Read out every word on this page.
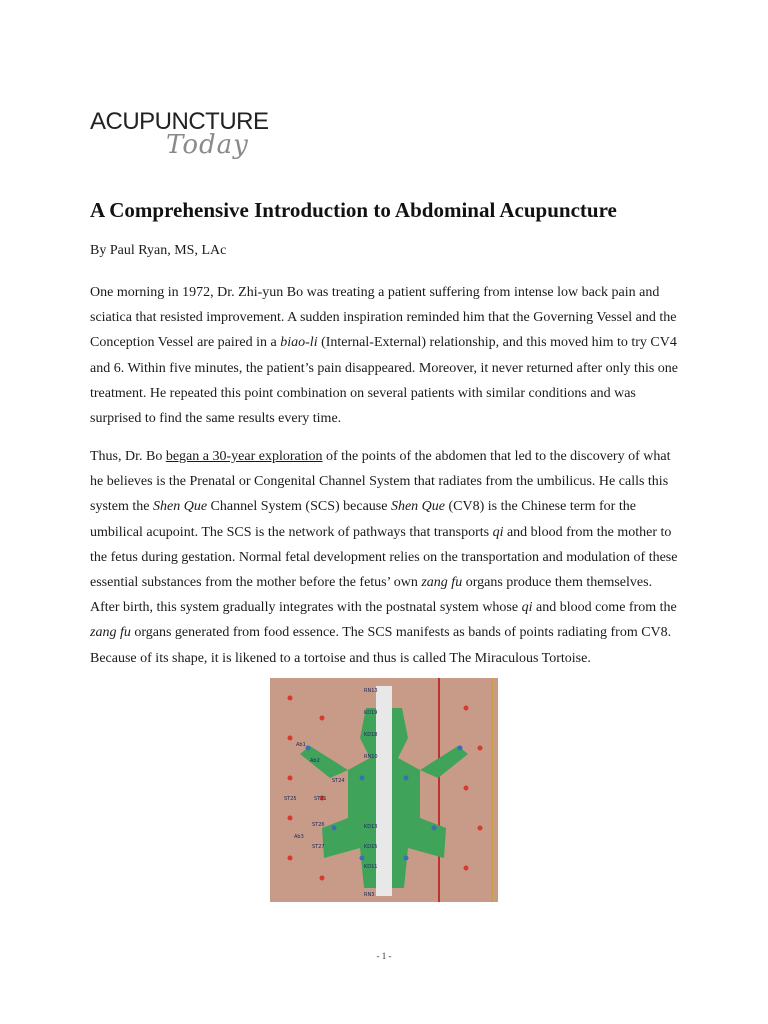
ACUPUNCTURE
Today
A Comprehensive Introduction to Abdominal Acupuncture

By Paul Ryan, MS, LAc

One morning in 1972, Dr. Zhi-yun Bo was treating a patient suffering from intense low back pain and sciatica that resisted improvement. A sudden inspiration reminded him that the Governing Vessel and the Conception Vessel are paired in a biao-li (Internal-External) relationship, and this moved him to try CV4 and 6. Within five minutes, the patient’s pain disappeared. Moreover, it never returned after only this one treatment. He repeated this point combination on several patients with similar conditions and was surprised to find the same results every time.

Thus, Dr. Bo began a 30-year exploration of the points of the abdomen that led to the discovery of what he believes is the Prenatal or Congenital Channel System that radiates from the umbilicus. He calls this system the Shen Que Channel System (SCS) because Shen Que (CV8) is the Chinese term for the umbilical acupoint. The SCS is the network of pathways that transports qi and blood from the mother to the fetus during gestation. Normal fetal development relies on the transportation and modulation of these essential substances from the mother before the fetus’ own zang fu organs produce them themselves. After birth, this system gradually integrates with the postnatal system whose qi and blood come from the zang fu organs generated from food essence. The SCS manifests as bands of points radiating from CV8. Because of its shape, it is likened to a tortoise and thus is called The Miraculous Tortoise.

RN13
KD19
KD18
RN10
Ab1
Ab2
ST24
ST25	ST21
Ab3
ST26
ST27
KD13
KD11
KD15
RN3
- 1 -
